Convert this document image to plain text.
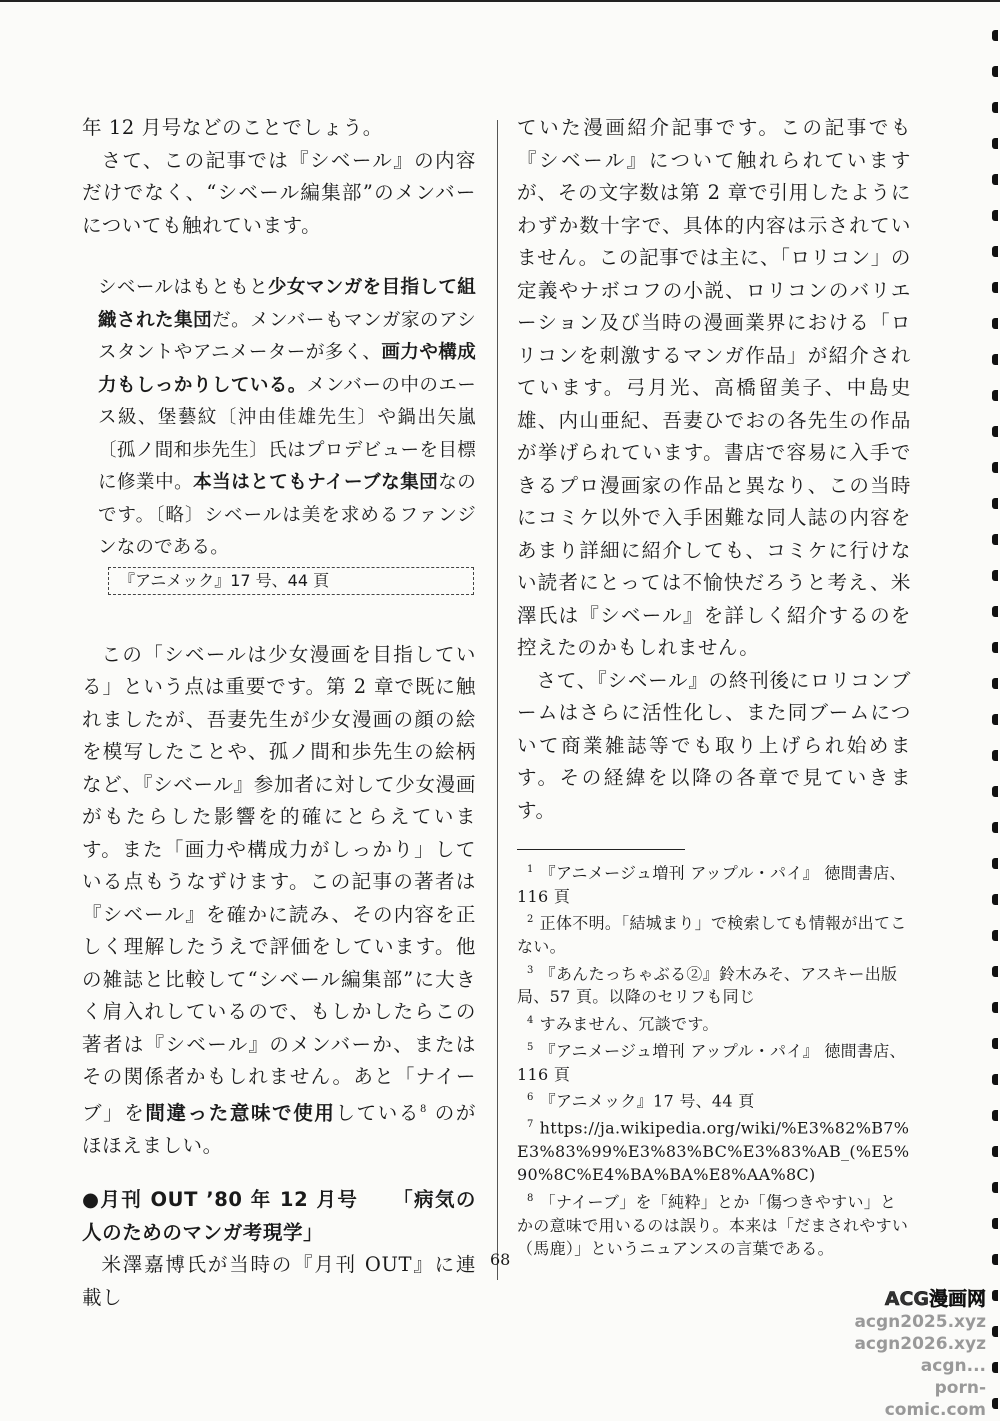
年 12 月号などのことでしょう。

さて、この記事では『シベール』の内容だけでなく、“シベール編集部”のメンバーについても触れています。

シベールはもともと少女マンガを目指して組織された集団だ。メンバーもマンガ家のアシスタントやアニメーターが多く、画力や構成力もしっかりしている。メンバーの中のエース級、堡藝紋〔沖由佳雄先生〕や鍋出矢嵐〔孤ノ間和歩先生〕氏はプロデビューを目標に修業中。本当はとてもナイーブな集団なのです。〔略〕シベールは美を求めるファンジンなのである。

『アニメック』17 号、44 頁

この「シベールは少女漫画を目指している」という点は重要です。第 2 章で既に触れましたが、吾妻先生が少女漫画の顔の絵を模写したことや、孤ノ間和歩先生の絵柄など、『シベール』参加者に対して少女漫画がもたらした影響を的確にとらえています。また「画力や構成力がしっかり」している点もうなずけます。この記事の著者は『シベール』を確かに読み、その内容を正しく理解したうえで評価をしています。他の雑誌と比較して“シベール編集部”に大きく肩入れしているので、もしかしたらこの著者は『シベール』のメンバーか、またはその関係者かもしれません。あと「ナイーブ」を間違った意味で使用している$^8$ のがほほえましい。

●月刊 OUT ’80 年 12 月号 「病気の人のためのマンガ考現学」

米澤嘉博氏が当時の『月刊 OUT』に連載し

ていた漫画紹介記事です。この記事でも『シベール』について触れられていますが、その文字数は第 2 章で引用したようにわずか数十字で、具体的内容は示されていません。この記事では主に、「ロリコン」の定義やナボコフの小説、ロリコンのバリエーション及び当時の漫画業界における「ロリコンを刺激するマンガ作品」が紹介されています。弓月光、高橋留美子、中島史雄、内山亜紀、吾妻ひでおの各先生の作品が挙げられています。書店で容易に入手できるプロ漫画家の作品と異なり、この当時にコミケ以外で入手困難な同人誌の内容をあまり詳細に紹介しても、コミケに行けない読者にとっては不愉快だろうと考え、米澤氏は『シベール』を詳しく紹介するのを控えたのかもしれません。

さて、『シベール』の終刊後にロリコンブームはさらに活性化し、また同ブームについて商業雑誌等でも取り上げられ始めます。その経緯を以降の各章で見ていきます。

$^1$ 『アニメージュ増刊 アップル・パイ』 徳間書店、116 頁
$^2$ 正体不明。「結城まり」で検索しても情報が出てこない。
$^3$ 『あんたっちゃぶる②』鈴木みそ、アスキー出版局、57 頁。以降のセリフも同じ
$^4$ すみません、冗談です。
$^5$ 『アニメージュ増刊 アップル・パイ』 徳間書店、116 頁
$^6$ 『アニメック』17 号、44 頁
$^7$ https://ja.wikipedia.org/wiki/%E3%82%B7%E3%83%99%E3%83%BC%E3%83%AB_(%E5%90%8C%E4%BA%BA%E8%AA%8C)
$^8$ 「ナイーブ」を「純粋」とか「傷つきやすい」とかの意味で用いるのは誤り。本来は「だまされやすい（馬鹿）」というニュアンスの言葉である。
68
ACG漫画网
acgn2025.xyz
acgn2026.xyz
acgn...
porn-comic.com
